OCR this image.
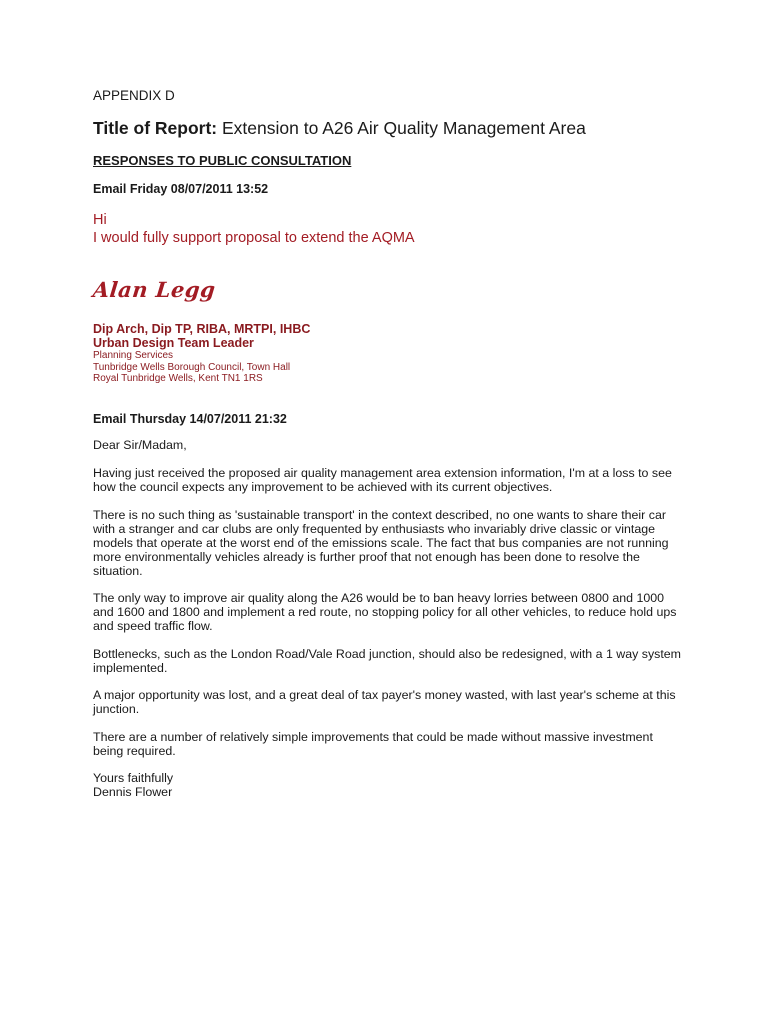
APPENDIX D

Title of Report: Extension to A26 Air Quality Management Area

RESPONSES TO PUBLIC CONSULTATION

Email Friday 08/07/2011 13:52

Hi
I would fully support proposal to extend the AQMA
Alan Legg
Dip Arch, Dip TP, RIBA, MRTPI, IHBC
Urban Design Team Leader
Planning Services
Tunbridge Wells Borough Council, Town Hall
Royal Tunbridge Wells, Kent TN1 1RS

Email Thursday 14/07/2011 21:32

Dear Sir/Madam,

Having just received the proposed air quality management area extension information, I'm at a loss to see how the council expects any improvement to be achieved with its current objectives.

There is no such thing as 'sustainable transport' in the context described, no one wants to share their car with a stranger and car clubs are only frequented by enthusiasts who invariably drive classic or vintage models that operate at the worst end of the emissions scale. The fact that bus companies are not running more environmentally vehicles already is further proof that not enough has been done to resolve the situation.

The only way to improve air quality along the A26 would be to ban heavy lorries between 0800 and 1000 and 1600 and 1800 and implement a red route, no stopping policy for all other vehicles, to reduce hold ups and speed traffic flow.

Bottlenecks, such as the London Road/Vale Road junction, should also be redesigned, with a 1 way system implemented.

A major opportunity was lost, and a great deal of tax payer's money wasted, with last year's scheme at this junction.

There are a number of relatively simple improvements that could be made without massive investment being required.

Yours faithfully
Dennis Flower
